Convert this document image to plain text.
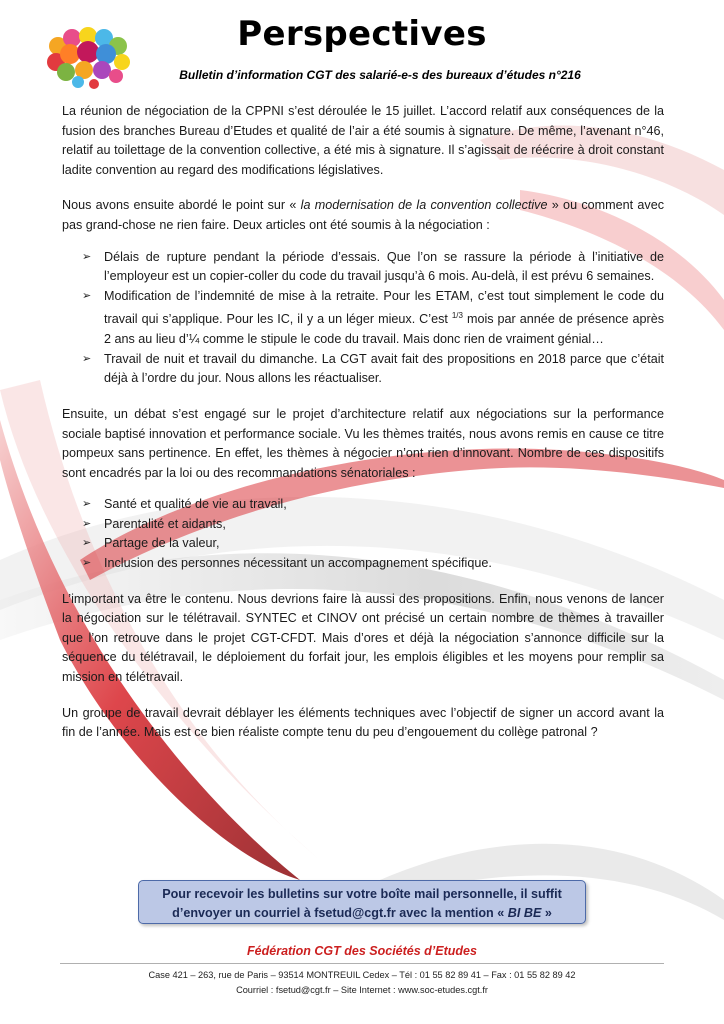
Perspectives
Bulletin d’information CGT des salarié-e-s des bureaux d’études n°216

La réunion de négociation de la CPPNI s’est déroulée le 15 juillet. L’accord relatif aux conséquences de la fusion des branches Bureau d’Etudes et qualité de l’air a été soumis à signature. De même, l’avenant n°46, relatif au toilettage de la convention collective, a été mis à signature. Il s’agissait de réécrire à droit constant ladite convention au regard des modifications législatives.

Nous avons ensuite abordé le point sur « la modernisation de la convention collective » ou comment avec pas grand-chose ne rien faire. Deux articles ont été soumis à la négociation :

➢ Délais de rupture pendant la période d’essais. Que l’on se rassure la période à l’initiative de l’employeur est un copier-coller du code du travail jusqu’à 6 mois. Au-delà, il est prévu 6 semaines.
➢ Modification de l’indemnité de mise à la retraite. Pour les ETAM, c’est tout simplement le code du travail qui s’applique. Pour les IC, il y a un léger mieux. C’est $^{1/3}$ mois par année de présence après 2 ans au lieu d’¼ comme le stipule le code du travail. Mais donc rien de vraiment génial…
➢ Travail de nuit et travail du dimanche. La CGT avait fait des propositions en 2018 parce que c’était déjà à l’ordre du jour. Nous allons les réactualiser.

Ensuite, un débat s’est engagé sur le projet d’architecture relatif aux négociations sur la performance sociale baptisé innovation et performance sociale. Vu les thèmes traités, nous avons remis en cause ce titre pompeux sans pertinence. En effet, les thèmes à négocier n’ont rien d’innovant. Nombre de ces dispositifs sont encadrés par la loi ou des recommandations sénatoriales :

➢ Santé et qualité de vie au travail,
➢ Parentalité et aidants,
➢ Partage de la valeur,
➢ Inclusion des personnes nécessitant un accompagnement spécifique.

L’important va être le contenu. Nous devrions faire là aussi des propositions. Enfin, nous venons de lancer la négociation sur le télétravail. SYNTEC et CINOV ont précisé un certain nombre de thèmes à travailler que l’on retrouve dans le projet CGT-CFDT. Mais d’ores et déjà la négociation s’annonce difficile sur la séquence du télétravail, le déploiement du forfait jour, les emplois éligibles et les moyens pour remplir sa mission en télétravail.

Un groupe de travail devrait déblayer les éléments techniques avec l’objectif de signer un accord avant la fin de l’année. Mais est ce bien réaliste compte tenu du peu d’engouement du collège patronal ?

Pour recevoir les bulletins sur votre boîte mail personnelle, il suffit
d’envoyer un courriel à fsetud@cgt.fr avec la mention « BI BE »
Fédération CGT des Sociétés d’Etudes
Case 421 – 263, rue de Paris – 93514 MONTREUIL Cedex – Tél : 01 55 82 89 41 – Fax : 01 55 82 89 42
Courriel : fsetud@cgt.fr – Site Internet : www.soc-etudes.cgt.fr
